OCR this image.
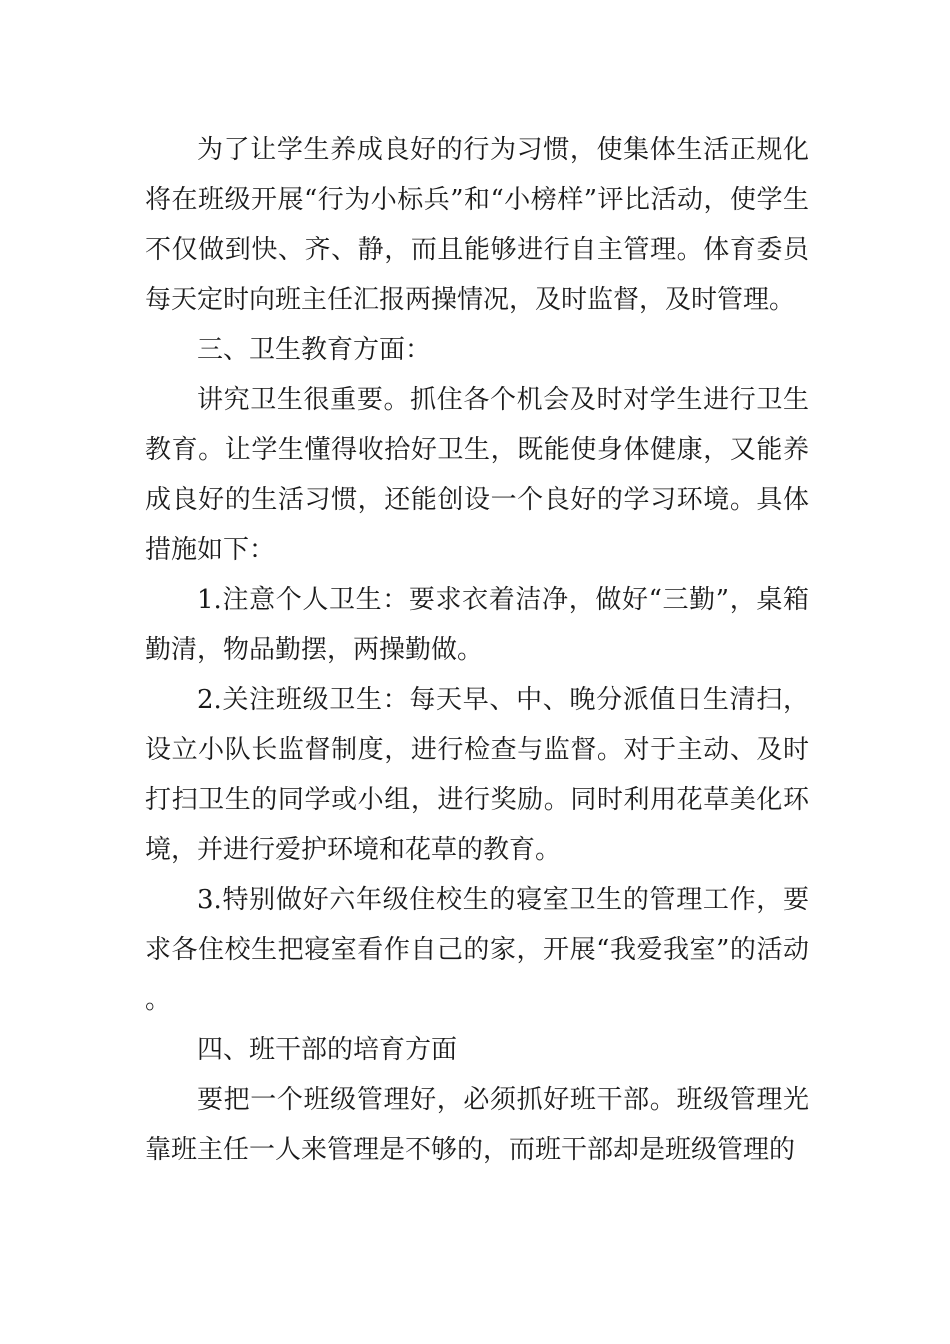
为了让学生养成良好的行为习惯，使集体生活正规化将在班级开展“行为小标兵”和“小榜样”评比活动，使学生不仅做到快、齐、静，而且能够进行自主管理。体育委员每天定时向班主任汇报两操情况，及时监督，及时管理。

三、卫生教育方面：

讲究卫生很重要。抓住各个机会及时对学生进行卫生教育。让学生懂得收拾好卫生，既能使身体健康，又能养成良好的生活习惯，还能创设一个良好的学习环境。具体措施如下：

1.注意个人卫生：要求衣着洁净，做好“三勤”，桌箱勤清，物品勤摆，两操勤做。

2.关注班级卫生：每天早、中、晚分派值日生清扫，设立小队长监督制度，进行检查与监督。对于主动、及时打扫卫生的同学或小组，进行奖励。同时利用花草美化环境，并进行爱护环境和花草的教育。

3.特别做好六年级住校生的寝室卫生的管理工作，要求各住校生把寝室看作自己的家，开展“我爱我室”的活动。

四、班干部的培育方面

要把一个班级管理好，必须抓好班干部。班级管理光靠班主任一人来管理是不够的，而班干部却是班级管理的
